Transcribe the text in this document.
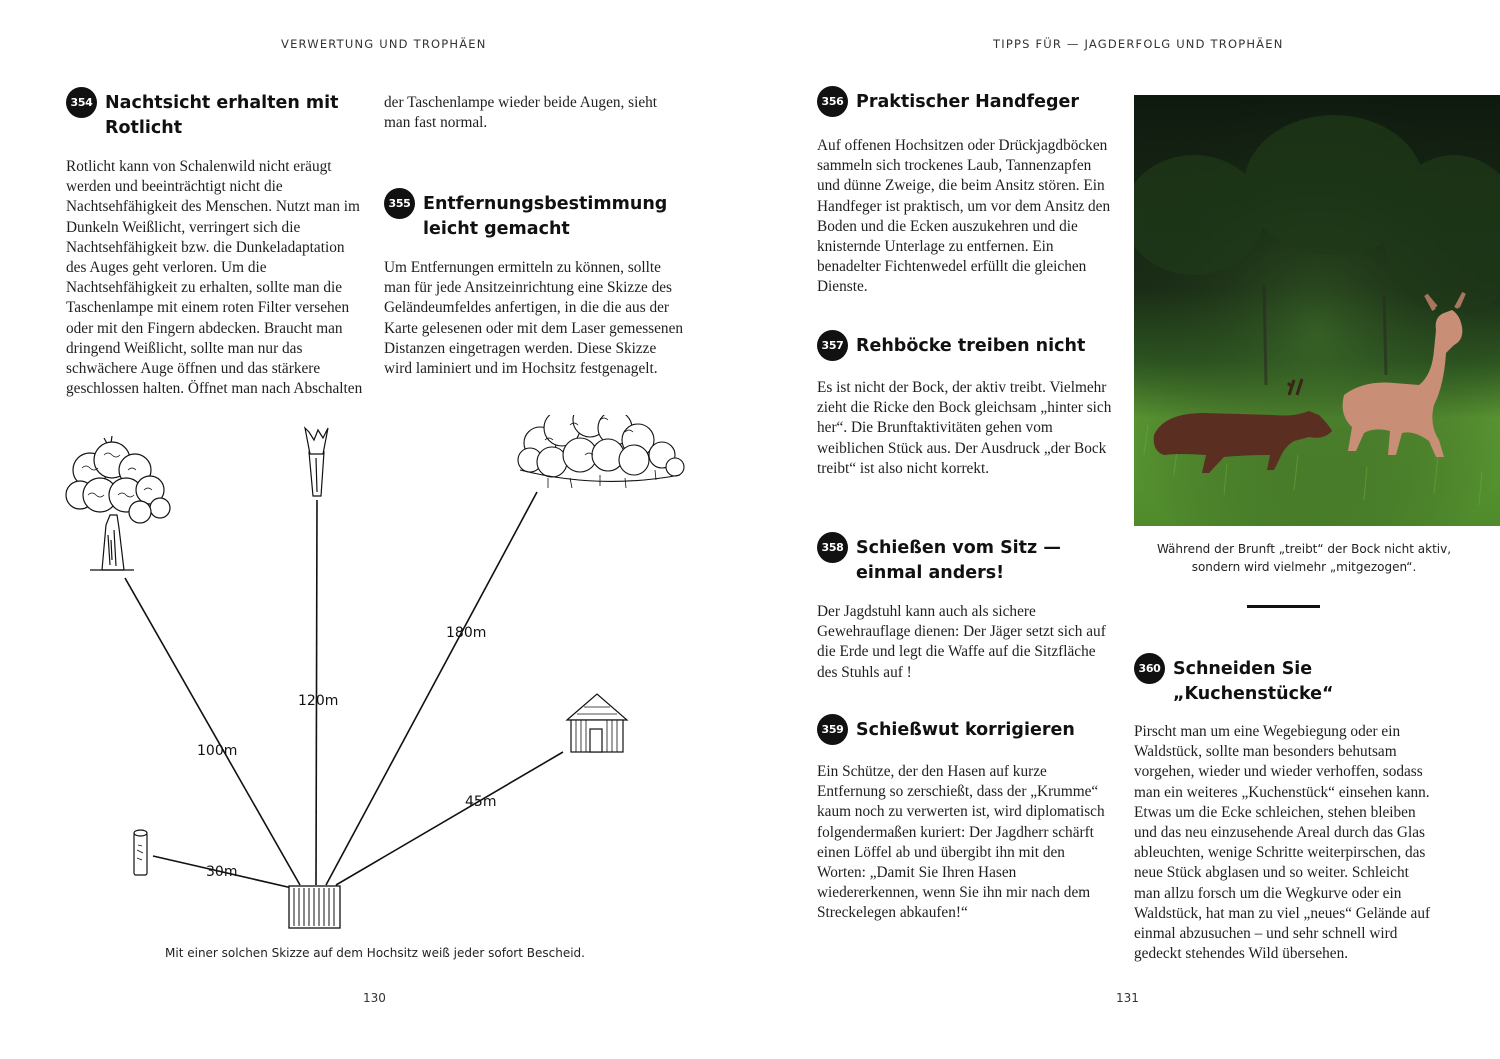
VERWERTUNG UND TROPHÄEN
354 Nachtsicht erhalten mit Rotlicht

Rotlicht kann von Schalenwild nicht eräugt werden und beeinträchtigt nicht die Nachtsehfähigkeit des Menschen. Nutzt man im Dunkeln Weißlicht, verringert sich die Nachtsehfähigkeit bzw. die Dunkeladaptation des Auges geht verloren. Um die Nachtsehfähigkeit zu erhalten, sollte man die Taschenlampe mit einem roten Filter versehen oder mit den Fingern abdecken. Braucht man dringend Weißlicht, sollte man nur das schwächere Auge öffnen und das stärkere geschlossen halten. Öffnet man nach Abschalten

der Taschenlampe wieder beide Augen, sieht man fast normal.

355 Entfernungsbestimmung leicht gemacht

Um Entfernungen ermitteln zu können, sollte man für jede Ansitzeinrichtung eine Skizze des Geländeumfeldes anfertigen, in die die aus der Karte gelesenen oder mit dem Laser gemessenen Distanzen eingetragen werden. Diese Skizze wird laminiert und im Hochsitz festgenagelt.

30m
100m
120m
180m
45m
Mit einer solchen Skizze auf dem Hochsitz weiß jeder sofort Bescheid.
130
TIPPS FÜR — JAGDERFOLG UND TROPHÄEN
356 Praktischer Handfeger

Auf offenen Hochsitzen oder Drückjagdböcken sammeln sich trockenes Laub, Tannenzapfen und dünne Zweige, die beim Ansitz stören. Ein Handfeger ist praktisch, um vor dem Ansitz den Boden und die Ecken auszukehren und die knisternde Unterlage zu entfernen. Ein benadelter Fichtenwedel erfüllt die gleichen Dienste.

357 Rehböcke treiben nicht

Es ist nicht der Bock, der aktiv treibt. Vielmehr zieht die Ricke den Bock gleichsam „hinter sich her“. Die Brunftaktivitäten gehen vom weiblichen Stück aus. Der Ausdruck „der Bock treibt“ ist also nicht korrekt.

358 Schießen vom Sitz — einmal anders!

Der Jagdstuhl kann auch als sichere Gewehrauflage dienen: Der Jäger setzt sich auf die Erde und legt die Waffe auf die Sitzfläche des Stuhls auf !

359 Schießwut korrigieren

Ein Schütze, der den Hasen auf kurze Entfernung so zerschießt, dass der „Krumme“ kaum noch zu verwerten ist, wird diplomatisch folgendermaßen kuriert: Der Jagdherr schärft einen Löffel ab und übergibt ihn mit den Worten: „Damit Sie Ihren Hasen wiedererkennen, wenn Sie ihn mir nach dem Streckelegen abkaufen!“

Während der Brunft „treibt“ der Bock nicht aktiv, sondern wird vielmehr „mitgezogen“.
360 Schneiden Sie „Kuchenstücke“

Pirscht man um eine Wegebiegung oder ein Waldstück, sollte man besonders behutsam vorgehen, wieder und wieder verhoffen, sodass man ein weiteres „Kuchenstück“ einsehen kann. Etwas um die Ecke schleichen, stehen bleiben und das neu einzusehende Areal durch das Glas ableuchten, wenige Schritte weiterpirschen, das neue Stück abglasen und so weiter. Schleicht man allzu forsch um die Wegkurve oder ein Waldstück, hat man zu viel „neues“ Gelände auf einmal abzusuchen – und sehr schnell wird gedeckt stehendes Wild übersehen.

131
